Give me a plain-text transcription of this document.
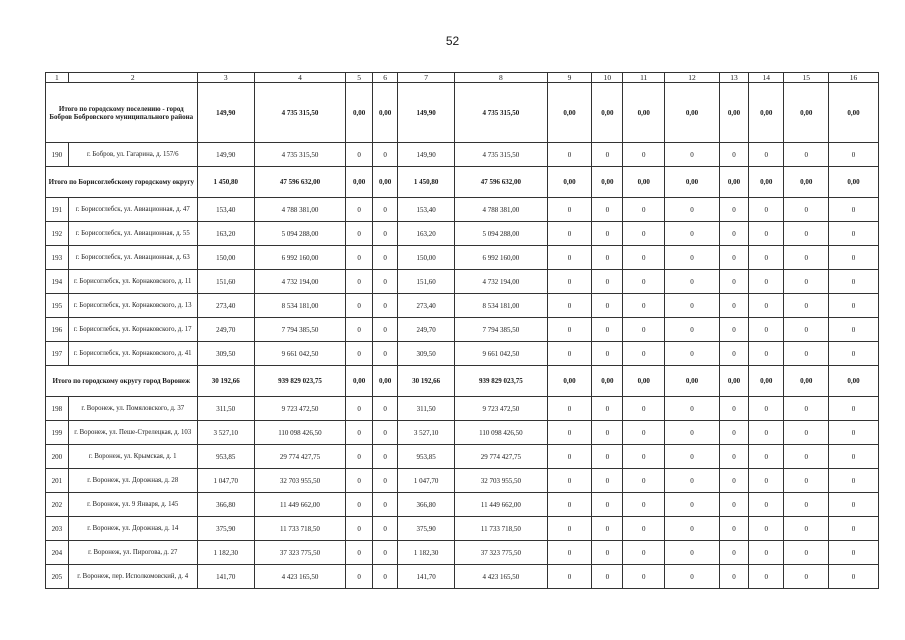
52
1	2	3	4	5	6	7	8	9	10	11	12	13	14	15	16
Итого по городскому поселению - город Бобров Бобровского муниципального района		149,90	4 735 315,50	0,00	0,00	149,90	4 735 315,50	0,00	0,00	0,00	0,00	0,00	0,00	0,00	0,00
190	г. Бобров, ул. Гагарина, д. 157/6	149,90	4 735 315,50	0	0	149,90	4 735 315,50	0	0	0	0	0	0	0	0
Итого по Борисоглебскому городскому округу		1 450,80	47 596 632,00	0,00	0,00	1 450,80	47 596 632,00	0,00	0,00	0,00	0,00	0,00	0,00	0,00	0,00
191	г. Борисоглебск, ул. Авиационная, д. 47	153,40	4 788 381,00	0	0	153,40	4 788 381,00	0	0	0	0	0	0	0	0
192	г. Борисоглебск, ул. Авиационная, д. 55	163,20	5 094 288,00	0	0	163,20	5 094 288,00	0	0	0	0	0	0	0	0
193	г. Борисоглебск, ул. Авиационная, д. 63	150,00	6 992 160,00	0	0	150,00	6 992 160,00	0	0	0	0	0	0	0	0
194	г. Борисоглебск, ул. Корнаковского, д. 11	151,60	4 732 194,00	0	0	151,60	4 732 194,00	0	0	0	0	0	0	0	0
195	г. Борисоглебск, ул. Корнаковского, д. 13	273,40	8 534 181,00	0	0	273,40	8 534 181,00	0	0	0	0	0	0	0	0
196	г. Борисоглебск, ул. Корнаковского, д. 17	249,70	7 794 385,50	0	0	249,70	7 794 385,50	0	0	0	0	0	0	0	0
197	г. Борисоглебск, ул. Корнаковского, д. 41	309,50	9 661 042,50	0	0	309,50	9 661 042,50	0	0	0	0	0	0	0	0
Итого по городскому округу город Воронеж		30 192,66	939 829 023,75	0,00	0,00	30 192,66	939 829 023,75	0,00	0,00	0,00	0,00	0,00	0,00	0,00	0,00
198	г. Воронеж, ул. Помяловского, д. 37	311,50	9 723 472,50	0	0	311,50	9 723 472,50	0	0	0	0	0	0	0	0
199	г. Воронеж, ул. Пеше-Стрелецкая, д. 103	3 527,10	110 098 426,50	0	0	3 527,10	110 098 426,50	0	0	0	0	0	0	0	0
200	г. Воронеж, ул. Крымская, д. 1	953,85	29 774 427,75	0	0	953,85	29 774 427,75	0	0	0	0	0	0	0	0
201	г. Воронеж, ул. Дорожная, д. 28	1 047,70	32 703 955,50	0	0	1 047,70	32 703 955,50	0	0	0	0	0	0	0	0
202	г. Воронеж, ул. 9 Января, д. 145	366,80	11 449 662,00	0	0	366,80	11 449 662,00	0	0	0	0	0	0	0	0
203	г. Воронеж, ул. Дорожная, д. 14	375,90	11 733 718,50	0	0	375,90	11 733 718,50	0	0	0	0	0	0	0	0
204	г. Воронеж, ул. Пирогова, д. 27	1 182,30	37 323 775,50	0	0	1 182,30	37 323 775,50	0	0	0	0	0	0	0	0
205	г. Воронеж, пер. Исполкомовский, д. 4	141,70	4 423 165,50	0	0	141,70	4 423 165,50	0	0	0	0	0	0	0	0
